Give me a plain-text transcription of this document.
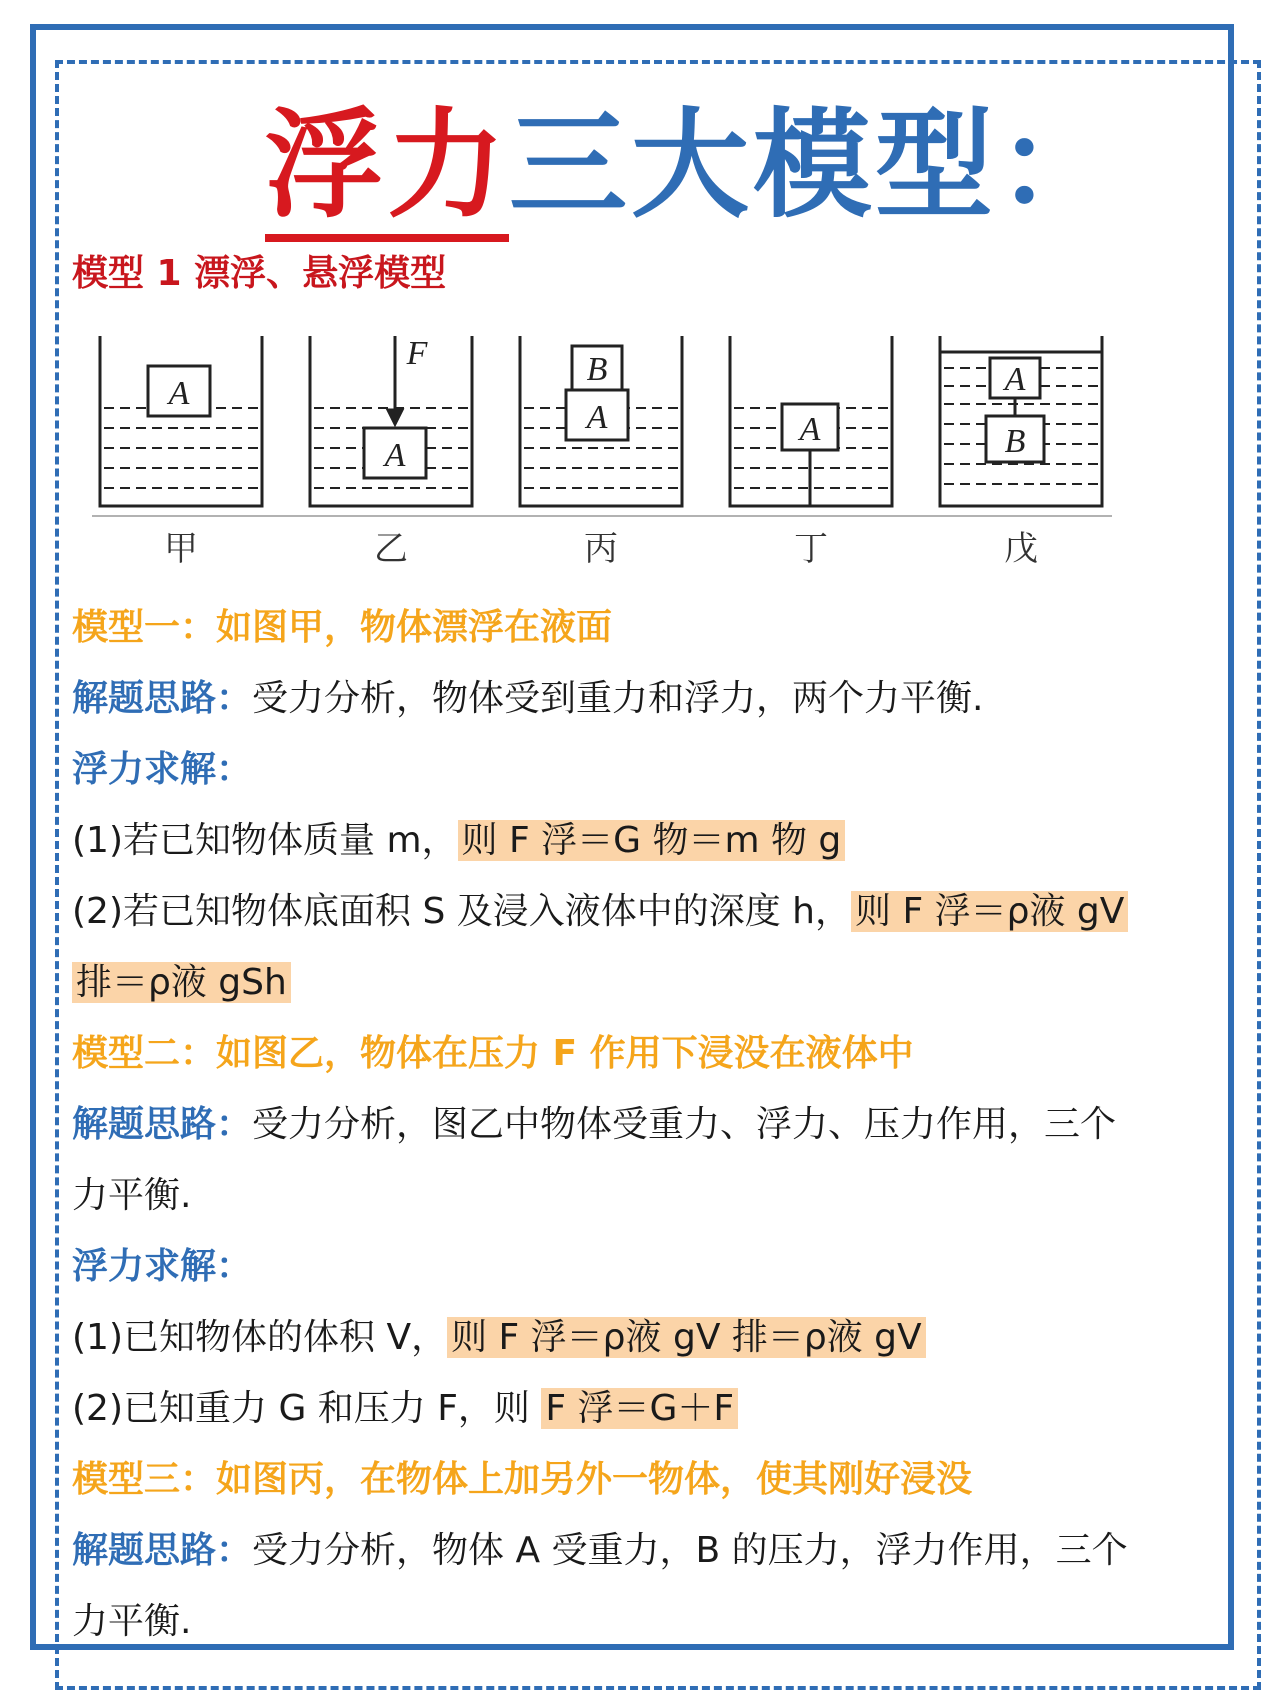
浮力三大模型：
模型 1 漂浮、悬浮模型
A
A
F	B
A	A
A
B
甲	乙	丙	丁	戊
模型一：如图甲，物体漂浮在液面
解题思路：受力分析，物体受到重力和浮力，两个力平衡.
浮力求解：
(1)若已知物体质量 m， 则 F 浮＝G 物＝m 物 g
(2)若已知物体底面积 S 及浸入液体中的深度 h， 则 F 浮＝ρ液 gV
排＝ρ液 gSh
模型二：如图乙，物体在压力 F 作用下浸没在液体中
解题思路：受力分析，图乙中物体受重力、浮力、压力作用，三个
力平衡.
浮力求解：
(1)已知物体的体积 V， 则 F 浮＝ρ液 gV 排＝ρ液 gV
(2)已知重力 G 和压力 F，则 F 浮＝G＋F
模型三：如图丙，在物体上加另外一物体，使其刚好浸没
解题思路：受力分析，物体 A 受重力，B 的压力，浮力作用，三个
力平衡.
